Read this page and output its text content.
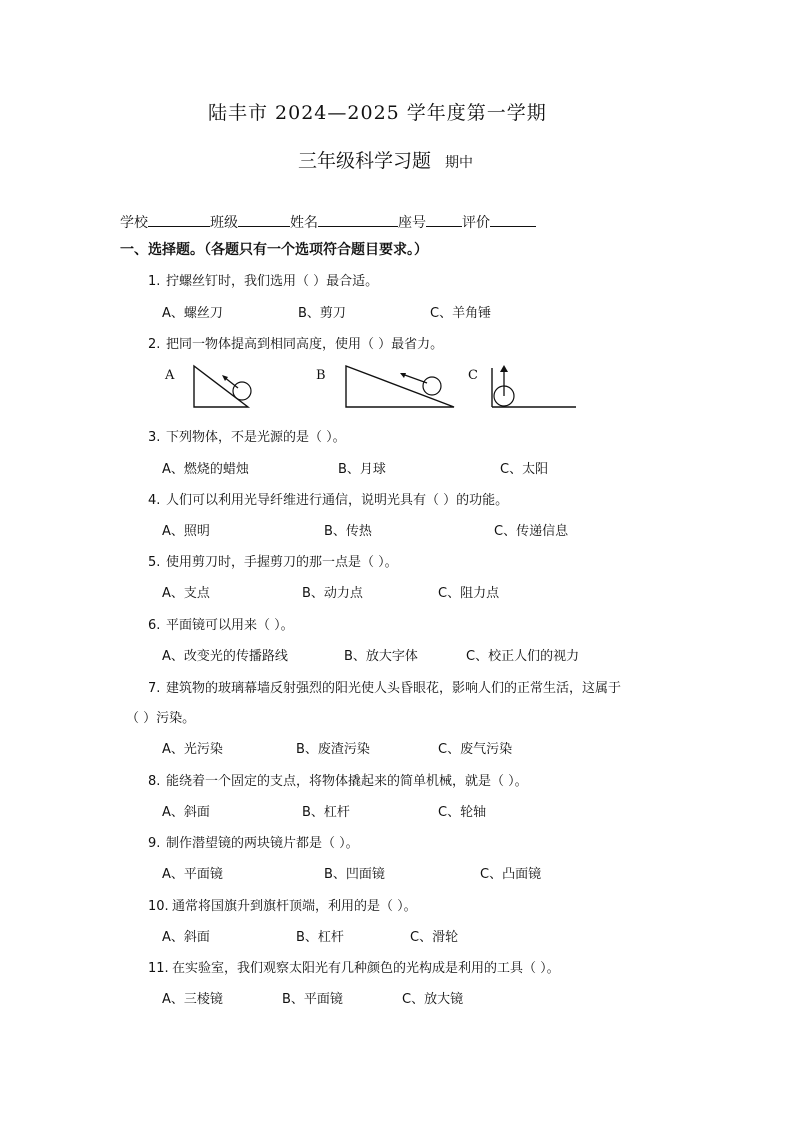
陆丰市 2024—2025 学年度第一学期
三年级科学习题 期中
学校	班级	姓名	座号	评价
一、选择题。（各题只有一个选项符合题目要求。）
1. 拧螺丝钉时，我们选用（ ）最合适。
A、螺丝刀	B、剪刀	C、羊角锤
2. 把同一物体提高到相同高度，使用（ ）最省力。
A	B	C
3. 下列物体，不是光源的是（ ）。
A、燃烧的蜡烛	B、月球	C、太阳
4. 人们可以利用光导纤维进行通信，说明光具有（ ）的功能。
A、照明	B、传热	C、传递信息
5. 使用剪刀时，手握剪刀的那一点是（ ）。
A、支点	B、动力点	C、阻力点
6. 平面镜可以用来（ ）。
A、改变光的传播路线	B、放大字体	C、校正人们的视力
7. 建筑物的玻璃幕墙反射强烈的阳光使人头昏眼花，影响人们的正常生活，这属于
（ ）污染。
A、光污染	B、废渣污染	C、废气污染
8. 能绕着一个固定的支点，将物体撬起来的简单机械，就是（ ）。
A、斜面	B、杠杆	C、轮轴
9. 制作潜望镜的两块镜片都是（ ）。
A、平面镜	B、凹面镜	C、凸面镜
10. 通常将国旗升到旗杆顶端，利用的是（ ）。
A、斜面	B、杠杆	C、滑轮
11. 在实验室，我们观察太阳光有几种颜色的光构成是利用的工具（ ）。
A、三棱镜	B、平面镜	C、放大镜
